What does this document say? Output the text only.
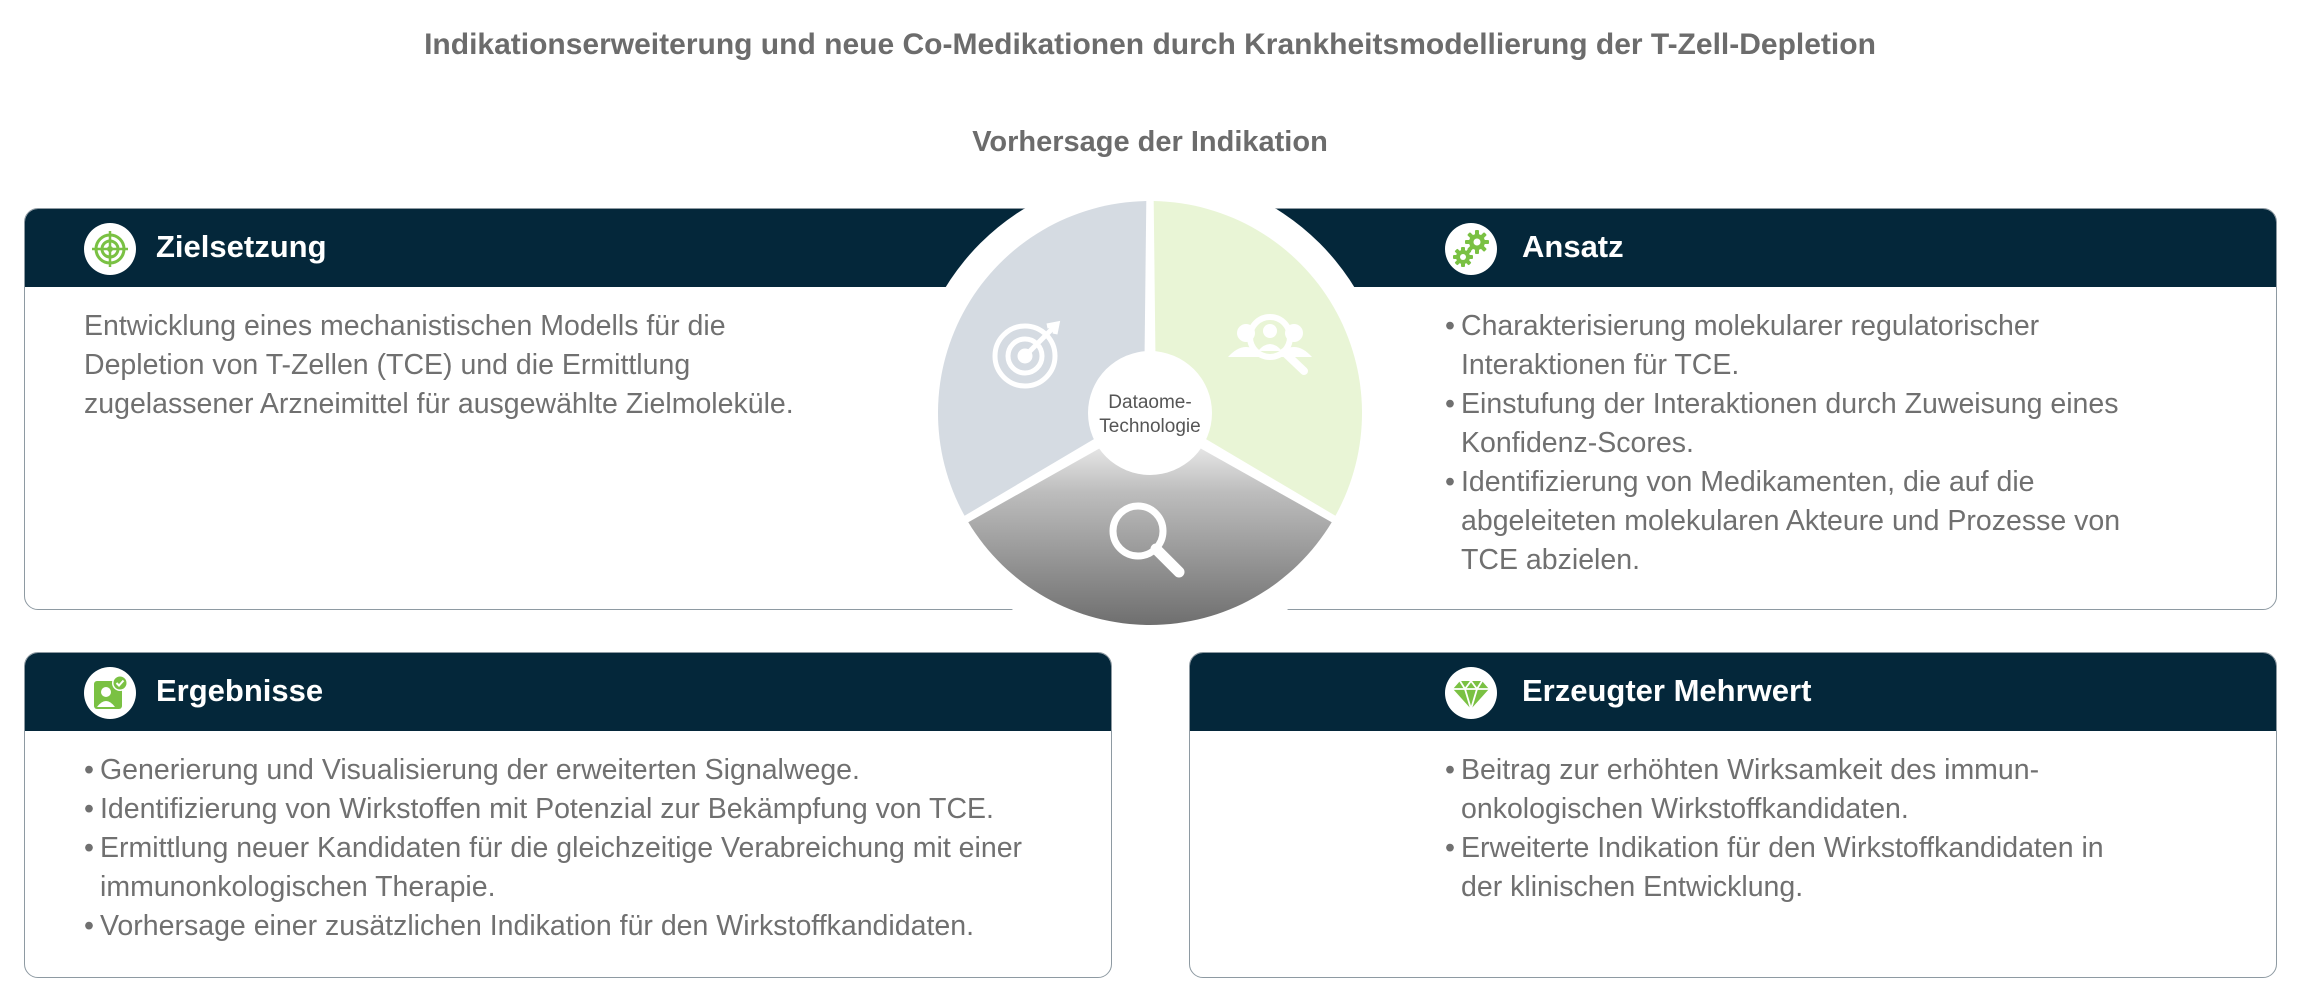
Indikationserweiterung und neue Co-Medikationen durch Krankheitsmodellierung der T-Zell-Depletion
Vorhersage der Indikation
Zielsetzung
Entwicklung eines mechanistischen Modells für die Depletion von T-Zellen (TCE) und die Ermittlung zugelassener Arzneimittel für ausgewählte Zielmoleküle.
Ansatz
• Charakterisierung molekularer regulatorischer Interaktionen für TCE.
• Einstufung der Interaktionen durch Zuweisung eines Konfidenz-Scores.
• Identifizierung von Medikamenten, die auf die abgeleiteten molekularen Akteure und Prozesse von TCE abzielen.
Ergebnisse
• Generierung und Visualisierung der erweiterten Signalwege.
• Identifizierung von Wirkstoffen mit Potenzial zur Bekämpfung von TCE.
• Ermittlung neuer Kandidaten für die gleichzeitige Verabreichung mit einer immunonkologischen Therapie.
• Vorhersage einer zusätzlichen Indikation für den Wirkstoffkandidaten.
Erzeugter Mehrwert
• Beitrag zur erhöhten Wirksamkeit des immun-onkologischen Wirkstoffkandidaten.
• Erweiterte Indikation für den Wirkstoffkandidaten in der klinischen Entwicklung.
Dataome-
Technologie
